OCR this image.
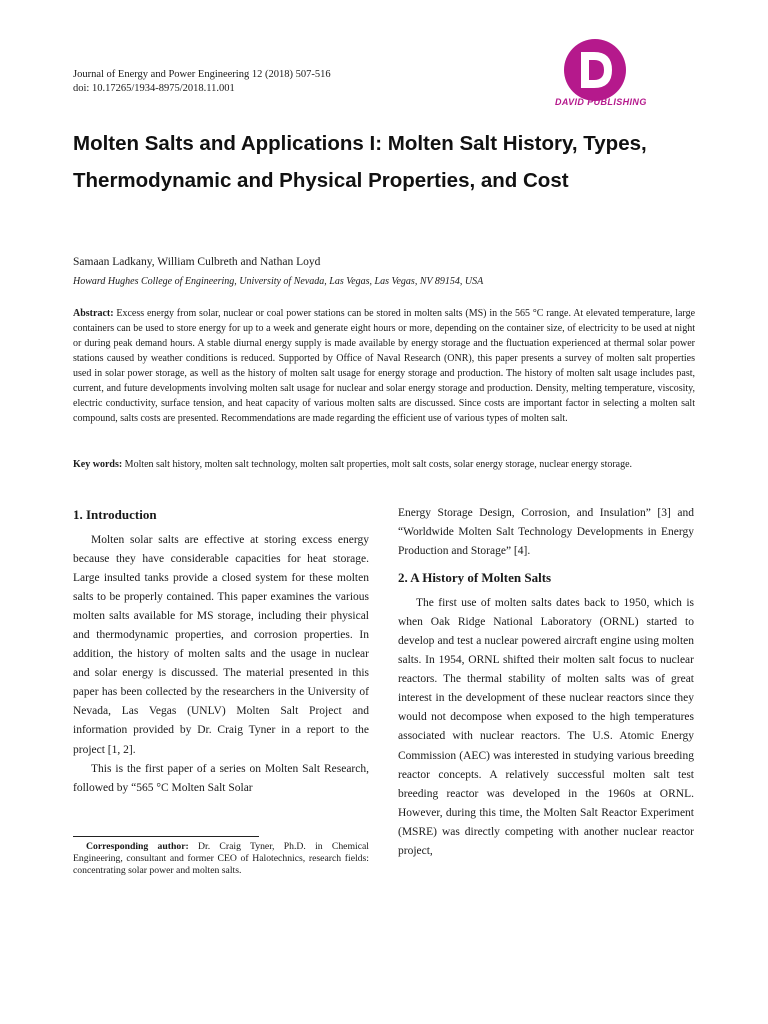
Journal of Energy and Power Engineering 12 (2018) 507-516
doi: 10.17265/1934-8975/2018.11.001
DAVID PUBLISHING
Molten Salts and Applications I: Molten Salt History, Types, Thermodynamic and Physical Properties, and Cost
Samaan Ladkany, William Culbreth and Nathan Loyd
Howard Hughes College of Engineering, University of Nevada, Las Vegas, Las Vegas, NV 89154, USA
Abstract: Excess energy from solar, nuclear or coal power stations can be stored in molten salts (MS) in the 565 °C range. At elevated temperature, large containers can be used to store energy for up to a week and generate eight hours or more, depending on the container size, of electricity to be used at night or during peak demand hours. A stable diurnal energy supply is made available by energy storage and the fluctuation experienced at thermal solar power stations caused by weather conditions is reduced. Supported by Office of Naval Research (ONR), this paper presents a survey of molten salt properties used in solar power storage, as well as the history of molten salt usage for energy storage and production. The history of molten salt usage includes past, current, and future developments involving molten salt usage for nuclear and solar energy storage and production. Density, melting temperature, viscosity, electric conductivity, surface tension, and heat capacity of various molten salts are discussed. Since costs are important factor in selecting a molten salt compound, salts costs are presented. Recommendations are made regarding the efficient use of various types of molten salt.
Key words: Molten salt history, molten salt technology, molten salt properties, molt salt costs, solar energy storage, nuclear energy storage.
1. Introduction

Molten solar salts are effective at storing excess energy because they have considerable capacities for heat storage. Large insulted tanks provide a closed system for these molten salts to be properly contained. This paper examines the various molten salts available for MS storage, including their physical and thermodynamic properties, and corrosion properties. In addition, the history of molten salts and the usage in nuclear and solar energy is discussed. The material presented in this paper has been collected by the researchers in the University of Nevada, Las Vegas (UNLV) Molten Salt Project and information provided by Dr. Craig Tyner in a report to the project [1, 2].

This is the first paper of a series on Molten Salt Research, followed by “565 °C Molten Salt Solar

Energy Storage Design, Corrosion, and Insulation” [3] and “Worldwide Molten Salt Technology Developments in Energy Production and Storage” [4].

2. A History of Molten Salts

The first use of molten salts dates back to 1950, which is when Oak Ridge National Laboratory (ORNL) started to develop and test a nuclear powered aircraft engine using molten salts. In 1954, ORNL shifted their molten salt focus to nuclear reactors. The thermal stability of molten salts was of great interest in the development of these nuclear reactors since they would not decompose when exposed to the high temperatures associated with nuclear reactors. The U.S. Atomic Energy Commission (AEC) was interested in studying various breeding reactor concepts. A relatively successful molten salt test breeding reactor was developed in the 1960s at ORNL. However, during this time, the Molten Salt Reactor Experiment (MSRE) was directly competing with another nuclear reactor project,

Corresponding author: Dr. Craig Tyner, Ph.D. in Chemical Engineering, consultant and former CEO of Halotechnics, research fields: concentrating solar power and molten salts.
